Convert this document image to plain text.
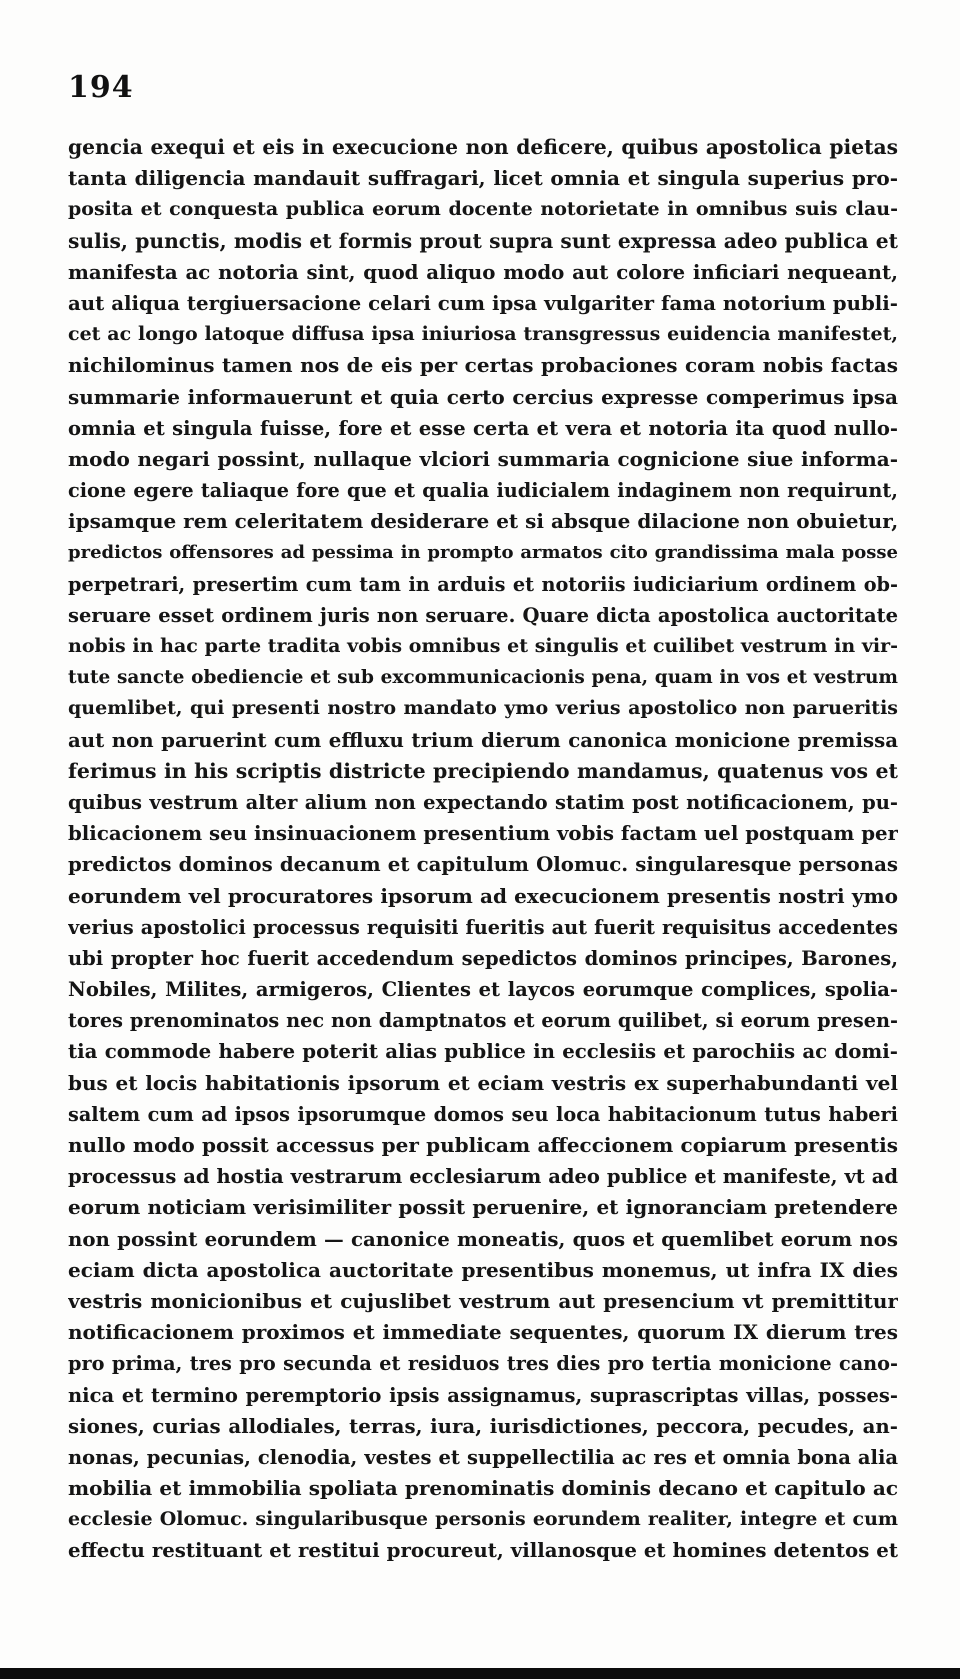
194
gencia exequi et eis in execucione non deficere, quibus apostolica pietas
tanta diligencia mandauit suffragari, licet omnia et singula superius pro-
posita et conquesta publica eorum docente notorietate in omnibus suis clau-
sulis, punctis, modis et formis prout supra sunt expressa adeo publica et
manifesta ac notoria sint, quod aliquo modo aut colore inficiari nequeant,
aut aliqua tergiuersacione celari cum ipsa vulgariter fama notorium publi-
cet ac longo latoque diffusa ipsa iniuriosa transgressus euidencia manifestet,
nichilominus tamen nos de eis per certas probaciones coram nobis factas
summarie informauerunt et quia certo cercius expresse comperimus ipsa
omnia et singula fuisse, fore et esse certa et vera et notoria ita quod nullo-
modo negari possint, nullaque vlciori summaria cognicione siue informa-
cione egere taliaque fore que et qualia iudicialem indaginem non requirunt,
ipsamque rem celeritatem desiderare et si absque dilacione non obuietur,
predictos offensores ad pessima in prompto armatos cito grandissima mala posse
perpetrari, presertim cum tam in arduis et notoriis iudiciarium ordinem ob-
seruare esset ordinem juris non seruare. Quare dicta apostolica auctoritate
nobis in hac parte tradita vobis omnibus et singulis et cuilibet vestrum in vir-
tute sancte obediencie et sub excommunicacionis pena, quam in vos et vestrum
quemlibet, qui presenti nostro mandato ymo verius apostolico non parueritis
aut non paruerint cum effluxu trium dierum canonica monicione premissa
ferimus in his scriptis districte precipiendo mandamus, quatenus vos et
quibus vestrum alter alium non expectando statim post notificacionem, pu-
blicacionem seu insinuacionem presentium vobis factam uel postquam per
predictos dominos decanum et capitulum Olomuc. singularesque personas
eorundem vel procuratores ipsorum ad execucionem presentis nostri ymo
verius apostolici processus requisiti fueritis aut fuerit requisitus accedentes
ubi propter hoc fuerit accedendum sepedictos dominos principes, Barones,
Nobiles, Milites, armigeros, Clientes et laycos eorumque complices, spolia-
tores prenominatos nec non damptnatos et eorum quilibet, si eorum presen-
tia commode habere poterit alias publice in ecclesiis et parochiis ac domi-
bus et locis habitationis ipsorum et eciam vestris ex superhabundanti vel
saltem cum ad ipsos ipsorumque domos seu loca habitacionum tutus haberi
nullo modo possit accessus per publicam affeccionem copiarum presentis
processus ad hostia vestrarum ecclesiarum adeo publice et manifeste, vt ad
eorum noticiam verisimiliter possit peruenire, et ignoranciam pretendere
non possint eorundem — canonice moneatis, quos et quemlibet eorum nos
eciam dicta apostolica auctoritate presentibus monemus, ut infra IX dies
vestris monicionibus et cujuslibet vestrum aut presencium vt premittitur
notificacionem proximos et immediate sequentes, quorum IX dierum tres
pro prima, tres pro secunda et residuos tres dies pro tertia monicione cano-
nica et termino peremptorio ipsis assignamus, suprascriptas villas, posses-
siones, curias allodiales, terras, iura, iurisdictiones, peccora, pecudes, an-
nonas, pecunias, clenodia, vestes et suppellectilia ac res et omnia bona alia
mobilia et immobilia spoliata prenominatis dominis decano et capitulo ac
ecclesie Olomuc. singularibusque personis eorundem realiter, integre et cum
effectu restituant et restitui procureut, villanosque et homines detentos et
